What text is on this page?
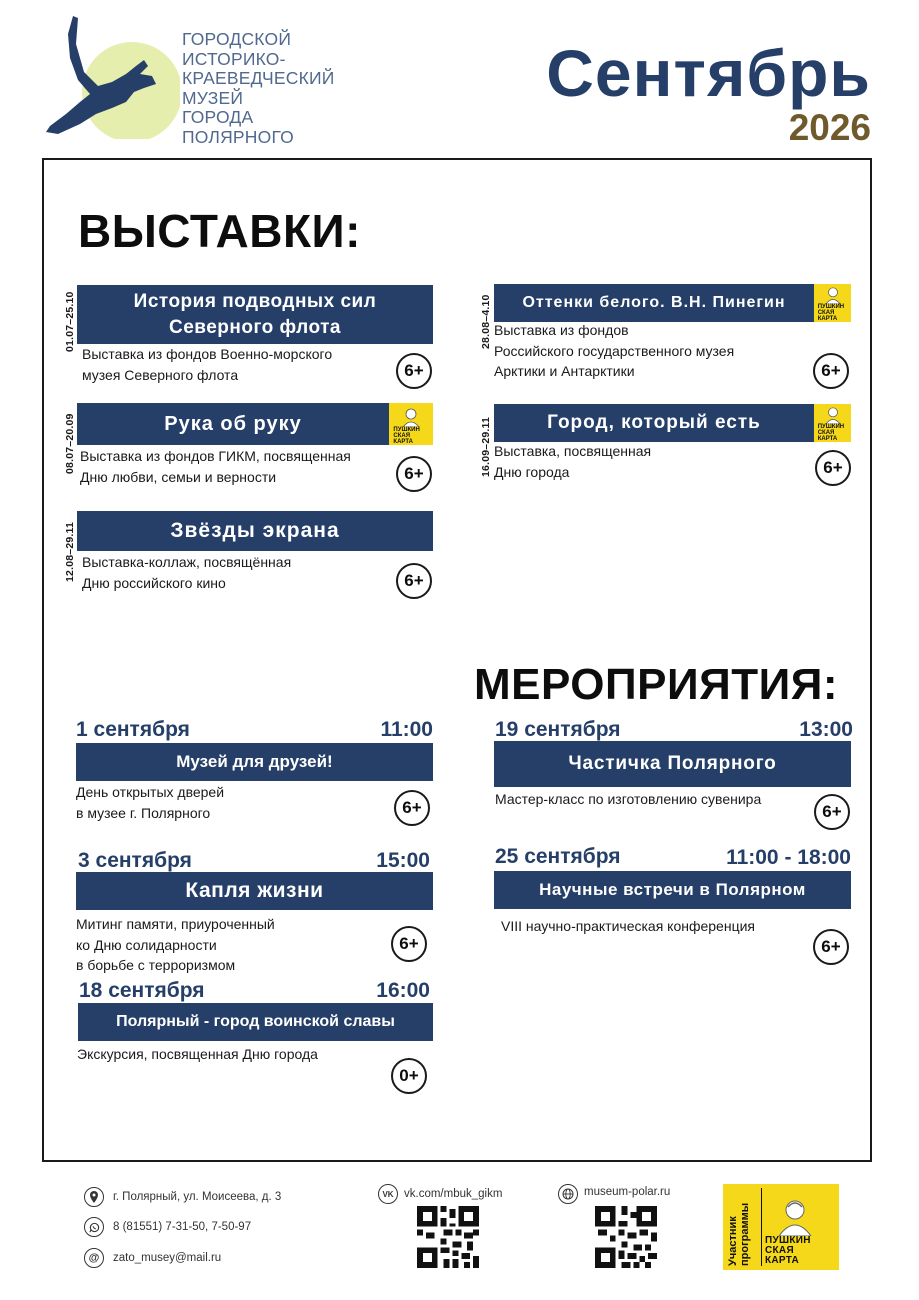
ГОРОДСКОЙ
ИСТОРИКО-
КРАЕВЕДЧЕСКИЙ
МУЗЕЙ
ГОРОДА
ПОЛЯРНОГО
Сентябрь
2026
ВЫСТАВКИ:
01.07–25.10	История подводных сил
Северного флота
Выставка из фондов Военно-морского
музея Северного флота	6+
08.07–20.09	Рука об руку	ПУШКИН
СКАЯ
КАРТА
Выставка из фондов ГИКМ, посвященная
Дню любви, семьи и верности	6+
12.08–29.11	Звёзды экрана
Выставка-коллаж, посвящённая
Дню российского кино	6+
28.08–4.10 Оттенки белого. В.Н. Пинегин	ПУШКИН
СКАЯ
КАРТА
Выставка из фондов
Российского государственного музея
Арктики и Антарктики	6+
16.09–29.11	Город, который есть	ПУШКИН
СКАЯ
КАРТА
Выставка, посвященная
Дню города	6+
МЕРОПРИЯТИЯ:
1 сентября	11:00
Музей для друзей!
День открытых дверей
в музее г. Полярного	6+
3 сентября	15:00
Капля жизни
Митинг памяти, приуроченный
ко Дню солидарности
в борьбе с терроризмом
6+
18 сентября	16:00
Полярный - город воинской славы
Экскурсия, посвященная Дню города
0+
19 сентября	13:00
Частичка Полярного
Мастер-класс по изготовлению сувенира
6+
25 сентября	11:00 - 18:00
Научные встречи в Полярном
VIII научно-практическая конференция
6+
г. Полярный, ул. Моисеева, д. 3
8 (81551) 7-31-50, 7-50-97
@ zato_musey@mail.ru
VK vk.com/mbuk_gikm	museum-polar.ru
Участник программы ПУШКИН
СКАЯ
КАРТА
